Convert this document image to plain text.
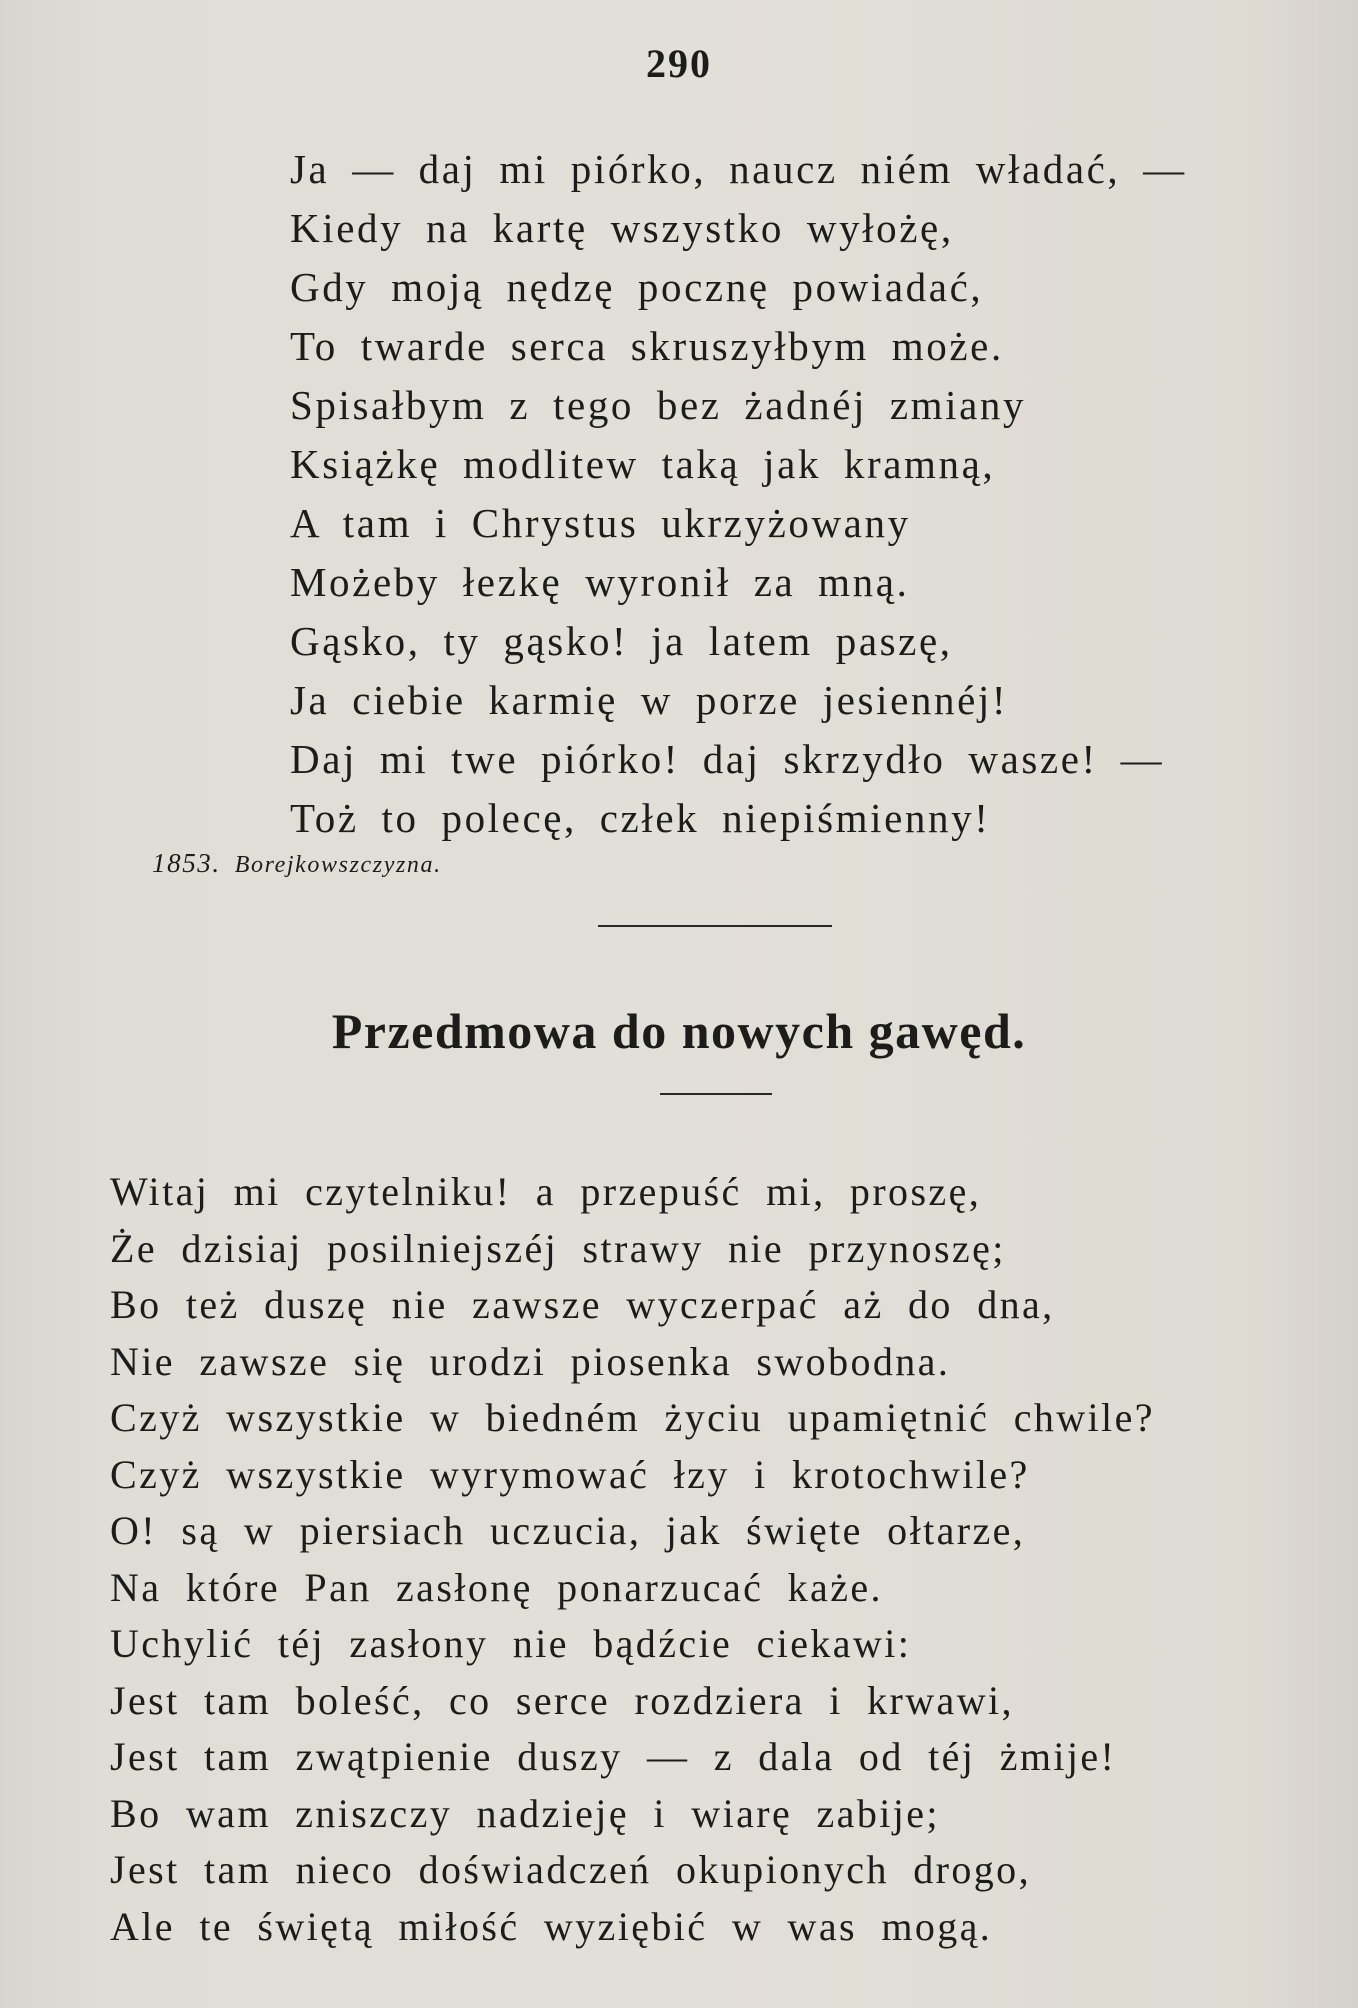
290
Ja — daj mi piórko, naucz niém władać, —
Kiedy na kartę wszystko wyłożę,
Gdy moją nędzę pocznę powiadać,
To twarde serca skruszyłbym może.
Spisałbym z tego bez żadnéj zmiany
Książkę modlitew taką jak kramną,
A tam i Chrystus ukrzyżowany
Możeby łezkę wyronił za mną.
Gąsko, ty gąsko! ja latem paszę,
Ja ciebie karmię w porze jesiennéj!
Daj mi twe piórko! daj skrzydło wasze! —
Toż to polecę, człek niepiśmienny!
1853. Borejkowszczyzna.
Przedmowa do nowych gawęd.
Witaj mi czytelniku! a przepuść mi, proszę,
Że dzisiaj posilniejszéj strawy nie przynoszę;
Bo też duszę nie zawsze wyczerpać aż do dna,
Nie zawsze się urodzi piosenka swobodna.
Czyż wszystkie w biedném życiu upamiętnić chwile?
Czyż wszystkie wyrymować łzy i krotochwile?
O! są w piersiach uczucia, jak święte ołtarze,
Na które Pan zasłonę ponarzucać każe.
Uchylić téj zasłony nie bądźcie ciekawi:
Jest tam boleść, co serce rozdziera i krwawi,
Jest tam zwątpienie duszy — z dala od téj żmije!
Bo wam zniszczy nadzieję i wiarę zabije;
Jest tam nieco doświadczeń okupionych drogo,
Ale te świętą miłość wyziębić w was mogą.
